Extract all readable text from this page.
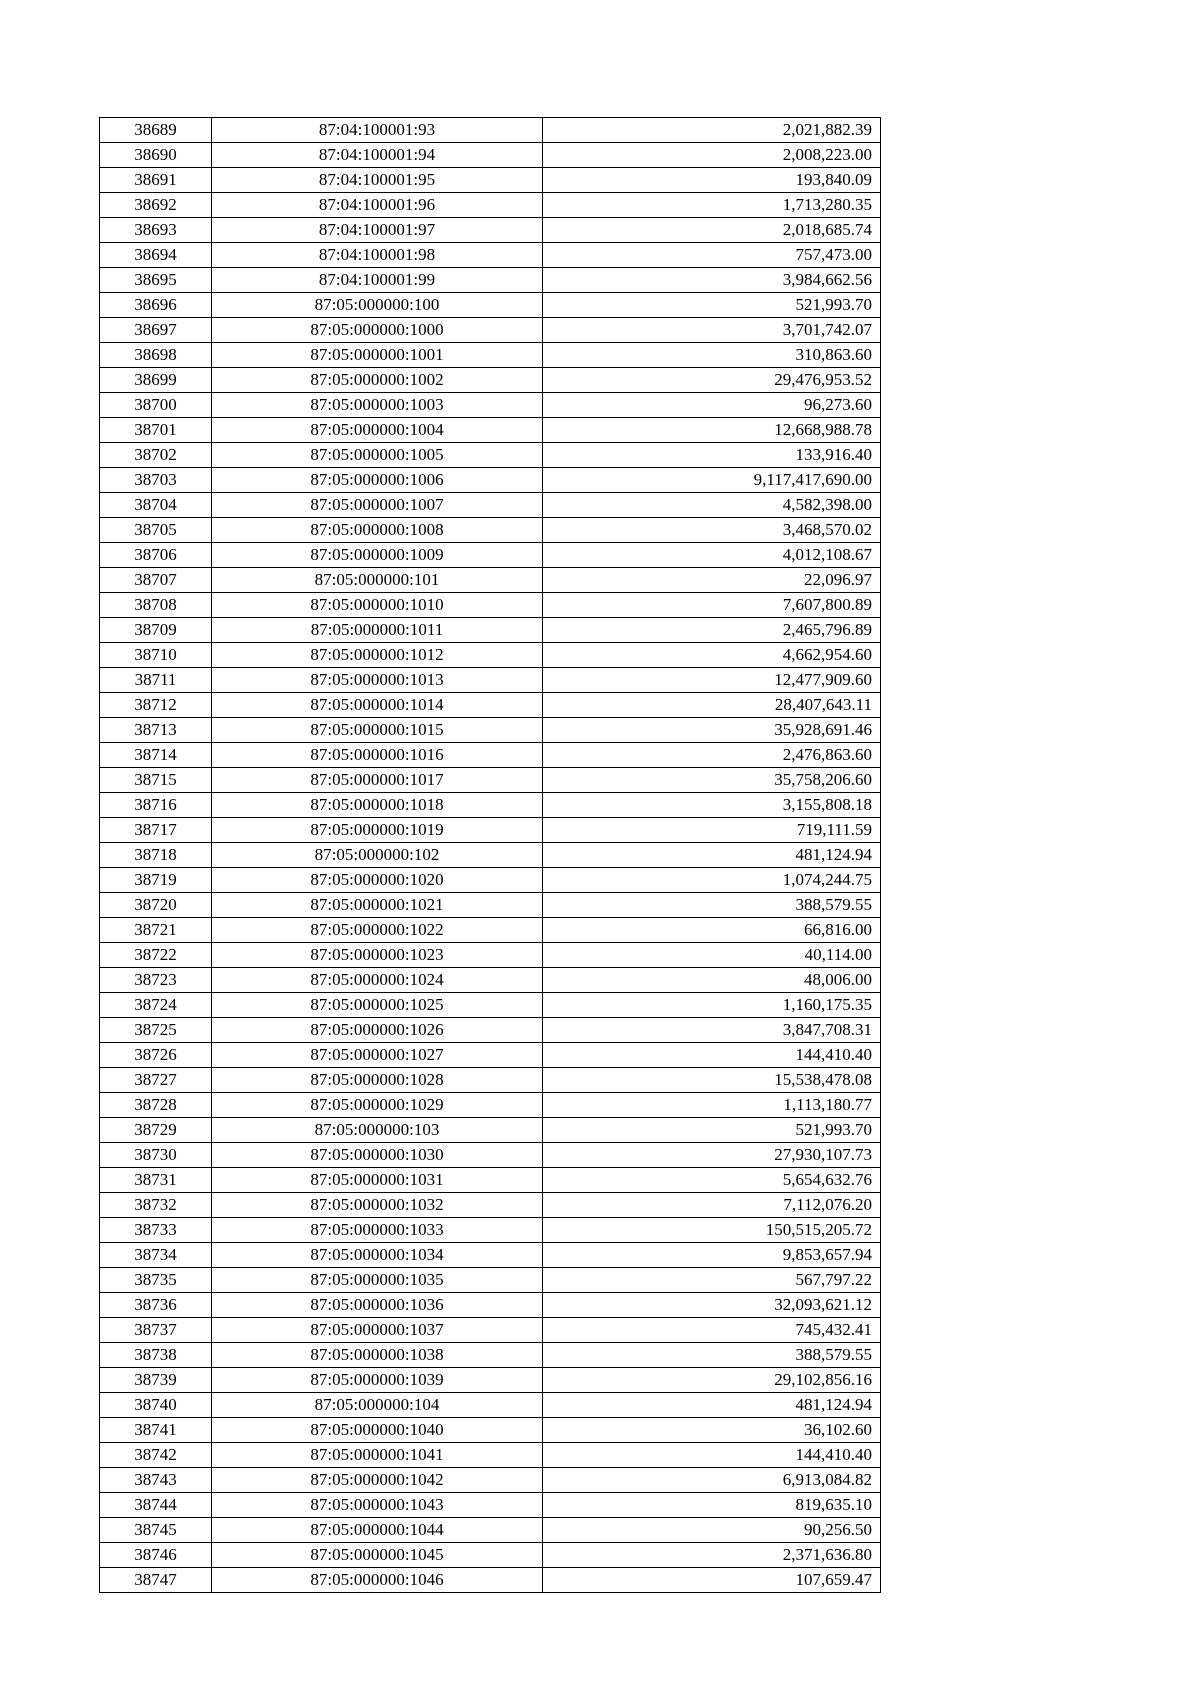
38689	87:04:100001:93	2,021,882.39
38690	87:04:100001:94	2,008,223.00
38691	87:04:100001:95	193,840.09
38692	87:04:100001:96	1,713,280.35
38693	87:04:100001:97	2,018,685.74
38694	87:04:100001:98	757,473.00
38695	87:04:100001:99	3,984,662.56
38696	87:05:000000:100	521,993.70
38697	87:05:000000:1000	3,701,742.07
38698	87:05:000000:1001	310,863.60
38699	87:05:000000:1002	29,476,953.52
38700	87:05:000000:1003	96,273.60
38701	87:05:000000:1004	12,668,988.78
38702	87:05:000000:1005	133,916.40
38703	87:05:000000:1006	9,117,417,690.00
38704	87:05:000000:1007	4,582,398.00
38705	87:05:000000:1008	3,468,570.02
38706	87:05:000000:1009	4,012,108.67
38707	87:05:000000:101	22,096.97
38708	87:05:000000:1010	7,607,800.89
38709	87:05:000000:1011	2,465,796.89
38710	87:05:000000:1012	4,662,954.60
38711	87:05:000000:1013	12,477,909.60
38712	87:05:000000:1014	28,407,643.11
38713	87:05:000000:1015	35,928,691.46
38714	87:05:000000:1016	2,476,863.60
38715	87:05:000000:1017	35,758,206.60
38716	87:05:000000:1018	3,155,808.18
38717	87:05:000000:1019	719,111.59
38718	87:05:000000:102	481,124.94
38719	87:05:000000:1020	1,074,244.75
38720	87:05:000000:1021	388,579.55
38721	87:05:000000:1022	66,816.00
38722	87:05:000000:1023	40,114.00
38723	87:05:000000:1024	48,006.00
38724	87:05:000000:1025	1,160,175.35
38725	87:05:000000:1026	3,847,708.31
38726	87:05:000000:1027	144,410.40
38727	87:05:000000:1028	15,538,478.08
38728	87:05:000000:1029	1,113,180.77
38729	87:05:000000:103	521,993.70
38730	87:05:000000:1030	27,930,107.73
38731	87:05:000000:1031	5,654,632.76
38732	87:05:000000:1032	7,112,076.20
38733	87:05:000000:1033	150,515,205.72
38734	87:05:000000:1034	9,853,657.94
38735	87:05:000000:1035	567,797.22
38736	87:05:000000:1036	32,093,621.12
38737	87:05:000000:1037	745,432.41
38738	87:05:000000:1038	388,579.55
38739	87:05:000000:1039	29,102,856.16
38740	87:05:000000:104	481,124.94
38741	87:05:000000:1040	36,102.60
38742	87:05:000000:1041	144,410.40
38743	87:05:000000:1042	6,913,084.82
38744	87:05:000000:1043	819,635.10
38745	87:05:000000:1044	90,256.50
38746	87:05:000000:1045	2,371,636.80
38747	87:05:000000:1046	107,659.47
